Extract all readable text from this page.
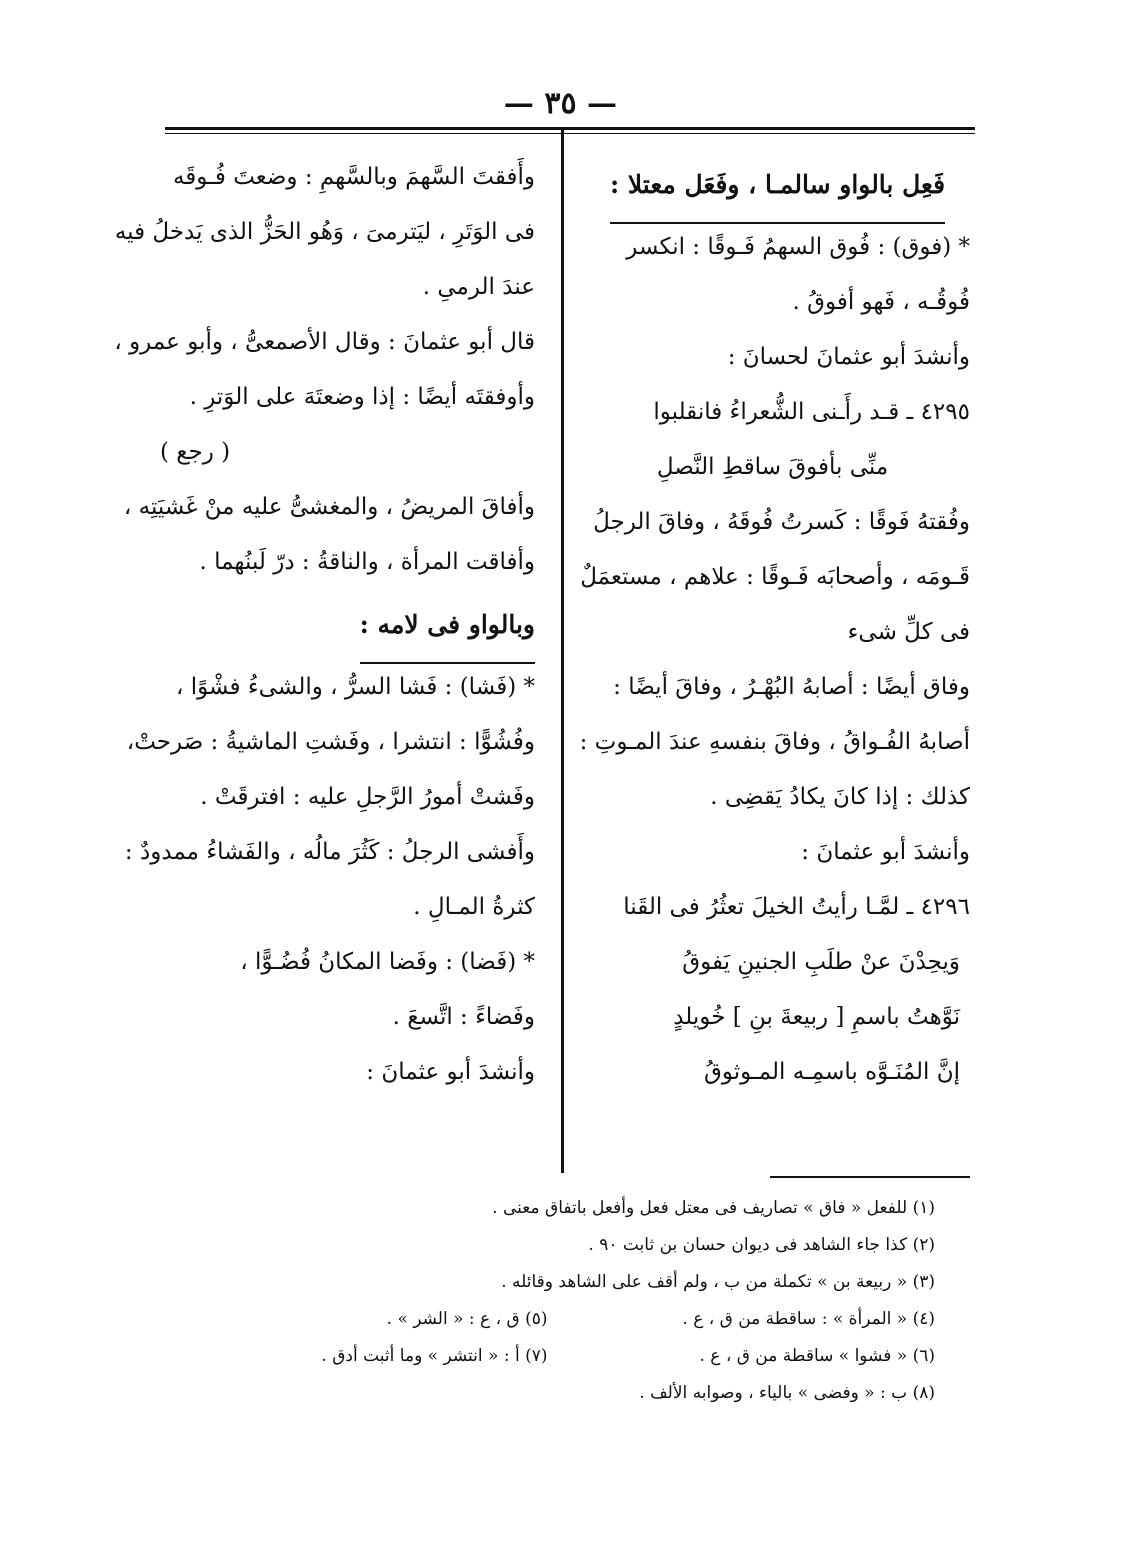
— ٣٥ —
فَعِل بالواو سالمـا ، وفَعَل معتلا :
* (فوق) : فُوق السهمُ فَـوقًا : انكسر
فُوقُـه ، فَهو أفوقُ .
وأنشدَ أبو عثمانَ لحسانَ :
٤٢٩٥ ـ قـد رأَـنى الشُّعراءُ فانقلبوا
منِّى بأفوقَ ساقطِ النَّصلِ
وفُقتهُ فَوقًا : كَسرتُ فُوقَهُ ، وفاقَ الرجلُ
قَـومَه ، وأصحابَه فَـوقًا : علاهم ، مستعمَلٌ
فى كلِّ شىء
وفاق أيضًا : أصابهُ البُهْـرُ ، وفاقَ أيضًا :
أصابهُ الفُـواقُ ، وفاقَ بنفسهِ عندَ المـوتِ :
كذلك : إذا كانَ يكادُ يَقضِى .
وأنشدَ أبو عثمانَ :
٤٢٩٦ ـ لمَّـا رأيتُ الخيلَ تعثُرُ فى القَنا
وَيحِدْنَ عنْ طلَبِ الجنينِ يَفوقُ
نَوَّهتُ باسمِ [ ربيعةَ بنِ ] خُويلدٍ
إنَّ المُنَـوَّه باسمِـه المـوثوقُ
وأَفقتَ السَّهمَ وبالسَّهمِ : وضعتَ فُـوقَه
فى الوَتَرِ ، ليَترمىَ ، وَهُو الحَزُّ الذى يَدخلُ فيه
عندَ الرمىِ .
قال أبو عثمانَ : وقال الأصمعىُّ ، وأبو عمرو ،
وأوفقتَه أيضًا : إذا وضعتَهَ على الوَترِ .
( رجع )
وأفاقَ المريضُ ، والمغشىُّ عليه منْ غَشيَتِه ،
وأفاقت المرأة ، والناقةُ : درّ لَبنُهما .
وبالواو فى لامه :
* (فَشا) : فَشا السرُّ ، والشىءُ فشْوًا ،
وفُشُوًّا : انتشرا ، وفَشتِ الماشيةُ : صَرحتْ،
وفَشتْ أمورُ الرَّجلِ عليه : افترقَتْ .
وأَفشى الرجلُ : كَثُرَ مالُه ، والفَشاءُ ممدودٌ :
كثرةُ المـالِ .
* (فَضا) : وفَضا المكانُ فُضُـوًّا ،
وفَضاءً : اتَّسعَ .
وأنشدَ أبو عثمانَ :
(١) للفعل « فاق » تصاريف فى معتل فعل وأفعل باتفاق معنى .
(٢) كذا جاء الشاهد فى ديوان حسان بن ثابت ٩٠ .
(٣) « ربيعة بن » تكملة من ب ، ولم أقف على الشاهد وقائله .
(٤) « المرأة » : ساقطة من ق ، ع .
(٥) ق ، ع : « الشر » .
(٦) « فشوا » ساقطة من ق ، ع .
(٧) أ : « انتشر » وما أثبت أدق .
(٨) ب : « وفضى » بالياء ، وصوابه الألف .
